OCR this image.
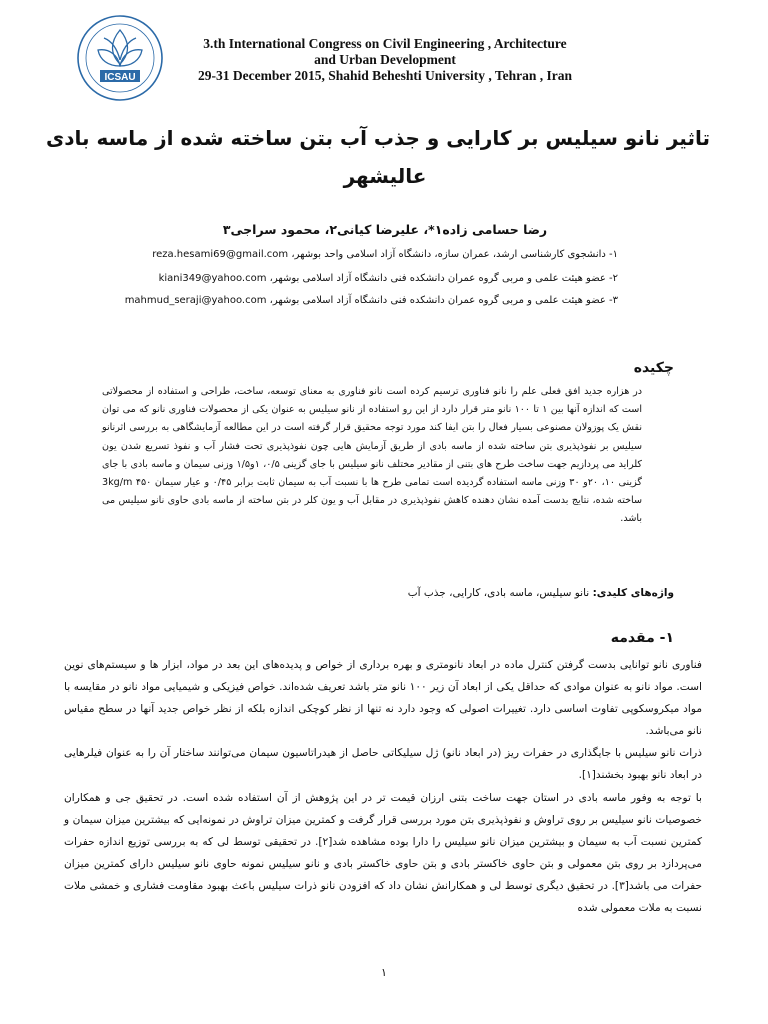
ICSAU
3.th International Congress on Civil Engineering , Architecture
and Urban Development
29-31 December 2015, Shahid Beheshti University , Tehran , Iran
تاثیر نانو سیلیس بر کارایی و جذب آب بتن ساخته شده از ماسه بادی
عالیشهر
رضا حسامی زاده۱*، علیرضا کیانی۲، محمود سراجی۳
۱- دانشجوی کارشناسی ارشد، عمران سازه، دانشگاه آزاد اسلامی واحد بوشهر، reza.hesami69@gmail.com
۲- عضو هیئت علمی و مربی گروه عمران دانشکده فنی دانشگاه آزاد اسلامی بوشهر، kiani349@yahoo.com
۳- عضو هیئت علمی و مربی گروه عمران دانشکده فنی دانشگاه آزاد اسلامی بوشهر، mahmud_seraji@yahoo.com
چکیده

در هزاره جدید افق فعلی علم را نانو فناوری ترسیم کرده است نانو فناوری به معنای توسعه، ساخت، طراحی و استفاده از محصولاتی است که اندازه آنها بین ۱ تا ۱۰۰ نانو متر قرار دارد از این رو استفاده از نانو سیلیس به عنوان یکی از محصولات فناوری نانو که می توان نقش یک پوزولان مصنوعی بسیار فعال را بتن ایفا کند مورد توجه محقیق قرار گرفته است در این مطالعه آزمایشگاهی به بررسی اثرنانو سیلیس بر نفوذپذیری بتن ساخته شده از ماسه بادی از طریق آزمایش هایی چون نفوذپذیری تحت فشار آب و نفوذ تسریع شدن یون کلراید می پردازیم جهت ساخت طرح های بتنی از مقادیر مختلف نانو سیلیس با جای گزینی ۰/۵، ۱و۱/۵ وزنی سیمان و ماسه بادی با جای گزینی ۱۰، ۲۰و ۳۰ وزنی ماسه استفاده گردیده است تمامی طرح ها با نسبت آب به سیمان ثابت برابر ۰/۴۵ و عیار سیمان 3kg/m ۴۵۰ ساخته شده، نتایج بدست آمده نشان دهنده کاهش نفوذپذیری در مقابل آب و یون کلر در بتن ساخته از ماسه بادی حاوی نانو سیلیس می باشد.

واژه‌های کلیدی: نانو سیلیس، ماسه بادی، کارایی، جذب آب
۱- مقدمه

فناوری نانو توانایی بدست گرفتن کنترل ماده در ابعاد نانومتری و بهره برداری از خواص و پدیده‌های این بعد در مواد، ابزار ها و سیستم‌های نوین است. مواد نانو به عنوان موادی که حداقل یکی از ابعاد آن زیر ۱۰۰ نانو متر باشد تعریف شده‌اند. خواص فیزیکی و شیمیایی مواد نانو در مقایسه با مواد میکروسکوپی تفاوت اساسی دارد. تغییرات اصولی که وجود دارد نه تنها از نظر کوچکی اندازه بلکه از نظر خواص جدید آنها در سطح مقیاس نانو می‌باشد.

ذرات نانو سیلیس با جایگذاری در حفرات ریز (در ابعاد نانو) ژل سیلیکاتی حاصل از هیدراتاسیون سیمان می‌توانند ساختار آن را به عنوان فیلرهایی در ابعاد نانو بهبود بخشند[۱].

با توجه به وفور ماسه بادی در استان جهت ساخت بتنی ارزان قیمت تر در این پژوهش از آن استفاده شده است. در تحقیق جی و همکاران خصوصیات نانو سیلیس بر روی تراوش و نفوذپذیری بتن مورد بررسی قرار گرفت و کمترین میزان تراوش در نمونه‌ایی که بیشترین میزان سیمان و کمترین نسبت آب به سیمان و بیشترین میزان نانو سیلیس را دارا بوده مشاهده شد[۲]. در تحقیقی توسط لی که به بررسی توزیع اندازه حفرات می‌پردازد بر روی بتن معمولی و بتن حاوی خاکستر بادی و بتن حاوی خاکستر بادی و نانو سیلیس نمونه حاوی نانو سیلیس دارای کمترین میزان حفرات می باشد[۳]. در تحقیق دیگری توسط لی و همکارانش نشان داد که افزودن نانو ذرات سیلیس باعث بهبود مقاومت فشاری و خمشی ملات نسبت به ملات معمولی شده

۱
